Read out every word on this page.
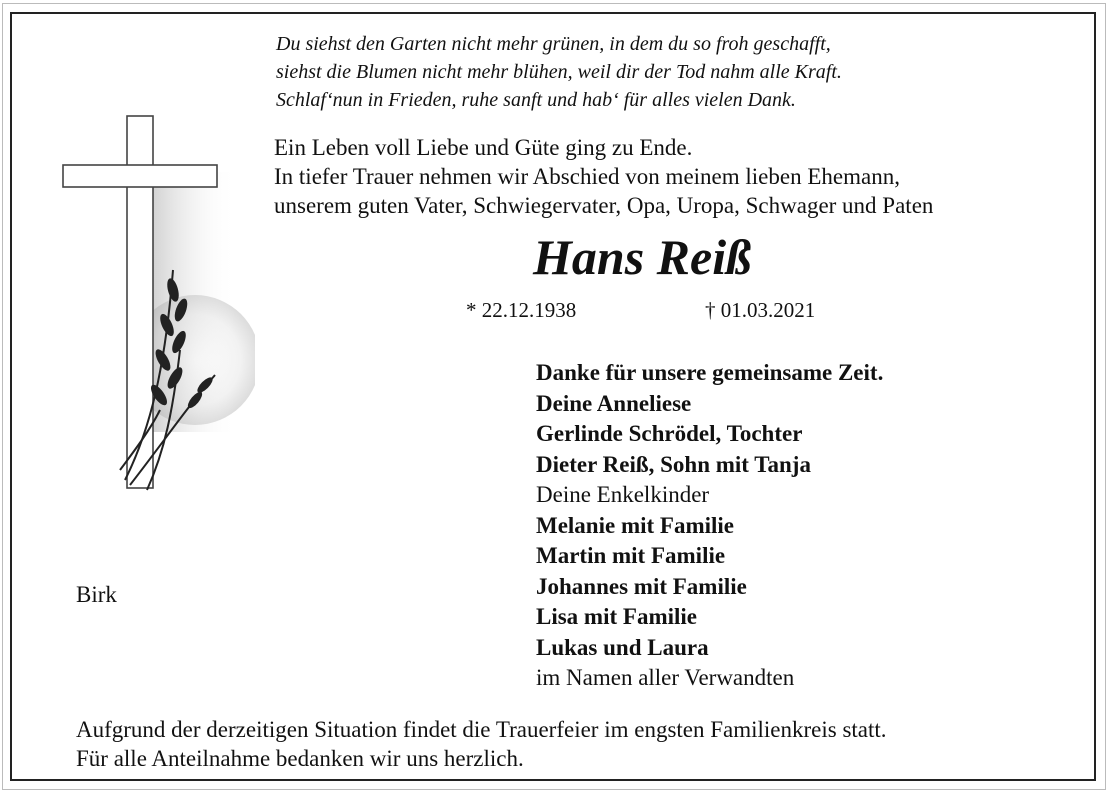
Du siehst den Garten nicht mehr grünen, in dem du so froh geschafft,
siehst die Blumen nicht mehr blühen, weil dir der Tod nahm alle Kraft.
Schlaf‘nun in Frieden, ruhe sanft und hab‘ für alles vielen Dank.
Ein Leben voll Liebe und Güte ging zu Ende.
In tiefer Trauer nehmen wir Abschied von meinem lieben Ehemann,
unserem guten Vater, Schwiegervater, Opa, Uropa, Schwager und Paten
Hans Reiß
* 22.12.1938	† 01.03.2021
Danke für unsere gemeinsame Zeit.
Deine Anneliese
Gerlinde Schrödel, Tochter
Dieter Reiß, Sohn mit Tanja
Deine Enkelkinder
Melanie mit Familie
Martin mit Familie
Johannes mit Familie
Lisa mit Familie
Lukas und Laura
im Namen aller Verwandten
Birk
Aufgrund der derzeitigen Situation findet die Trauerfeier im engsten Familienkreis statt.
Für alle Anteilnahme bedanken wir uns herzlich.
